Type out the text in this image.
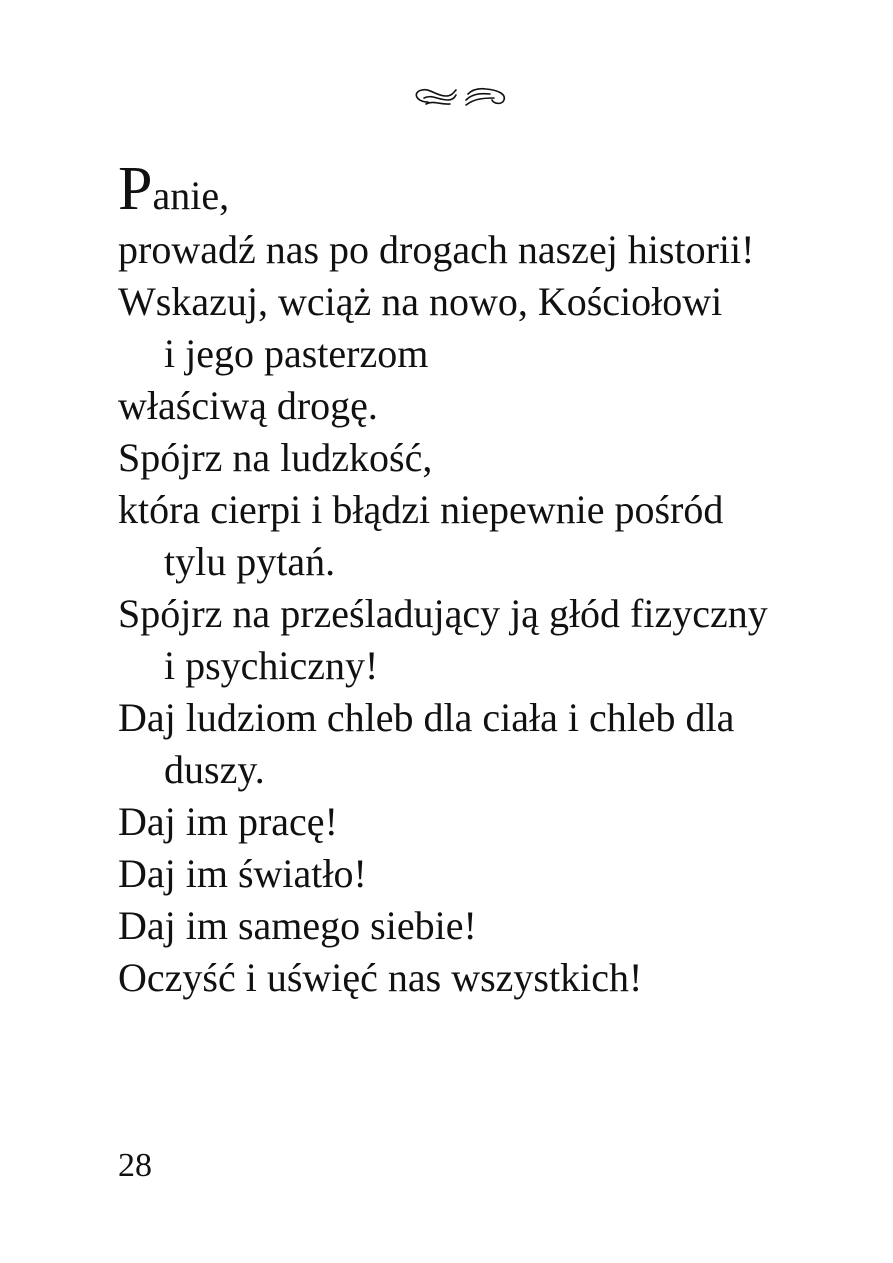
Panie,
prowadź nas po drogach naszej historii!
Wskazuj, wciąż na nowo, Kościołowi
i jego pasterzom
właściwą drogę.
Spójrz na ludzkość,
która cierpi i błądzi niepewnie pośród
tylu pytań.
Spójrz na prześladujący ją głód fizyczny
i psychiczny!
Daj ludziom chleb dla ciała i chleb dla
duszy.
Daj im pracę!
Daj im światło!
Daj im samego siebie!
Oczyść i uświęć nas wszystkich!
28
